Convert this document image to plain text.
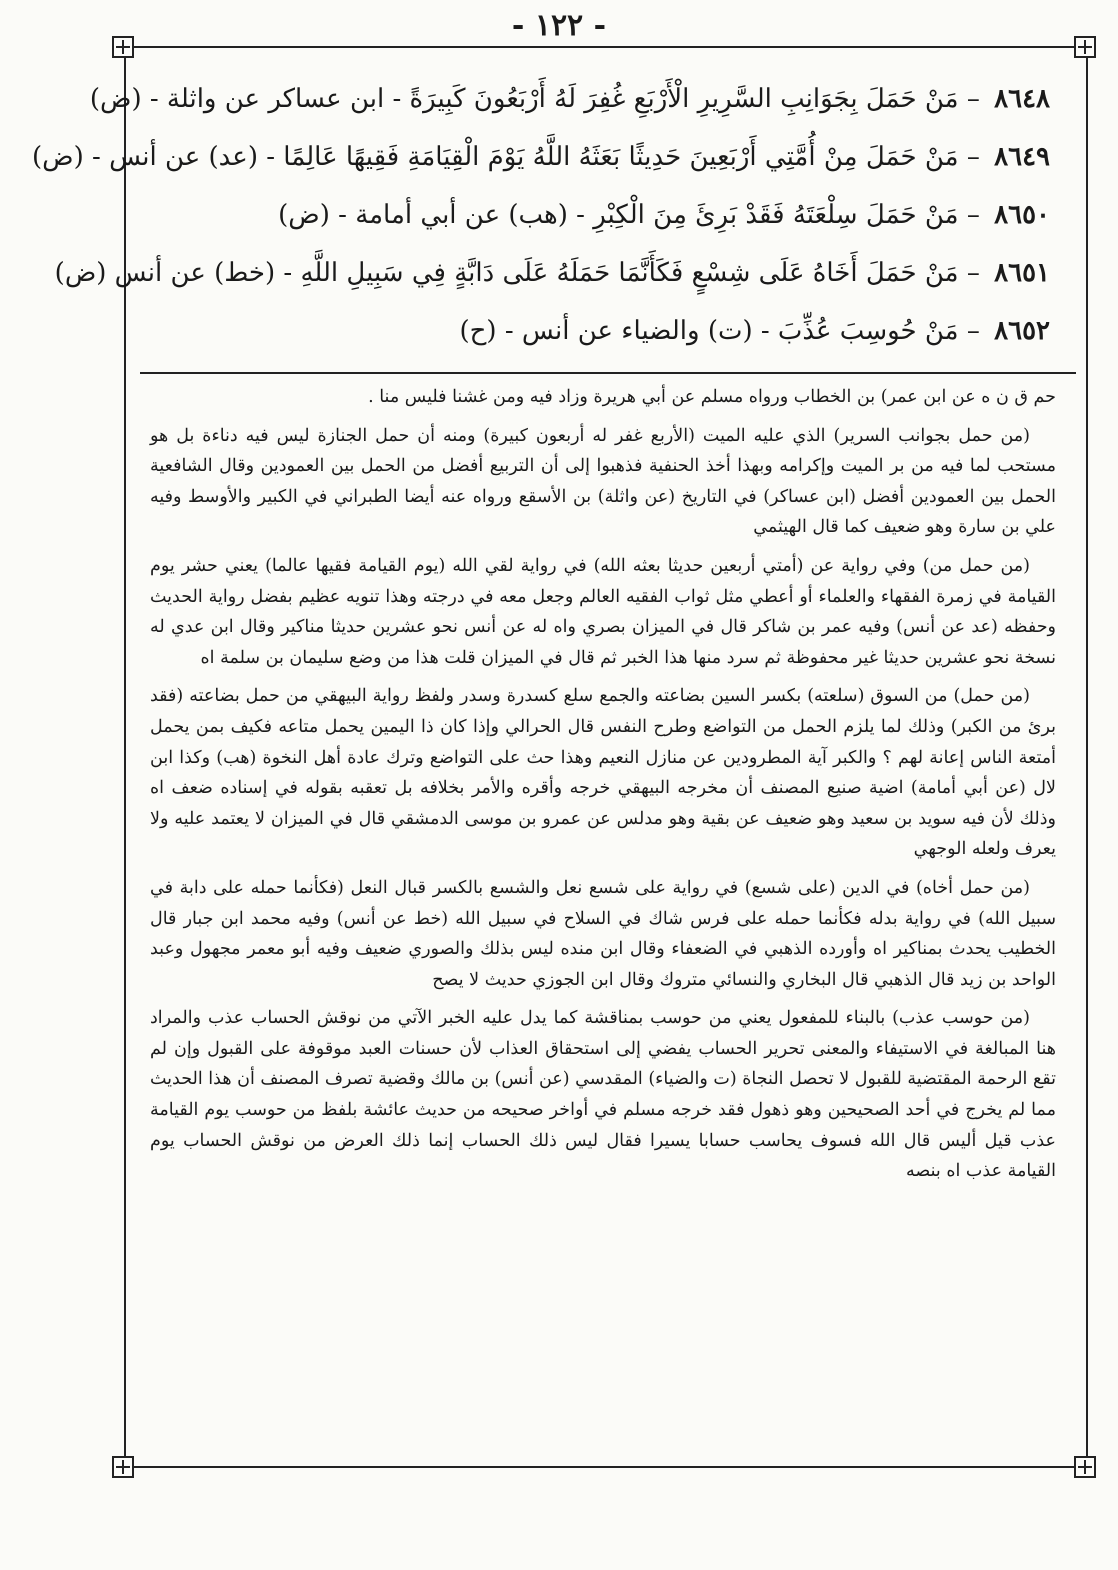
- ١٢٢ -
٨٦٤٨ – مَنْ حَمَلَ بِجَوَانِبِ السَّرِيرِ الْأَرْبَعِ غُفِرَ لَهُ أَرْبَعُونَ كَبِيرَةً - ابن عساكر عن واثلة - (ض)
٨٦٤٩ – مَنْ حَمَلَ مِنْ أُمَّتِي أَرْبَعِينَ حَدِيثًا بَعَثَهُ اللَّهُ يَوْمَ الْقِيَامَةِ فَقِيهًا عَالِمًا - (عد) عن أنس - (ض)
٨٦٥٠ – مَنْ حَمَلَ سِلْعَتَهُ فَقَدْ بَرِئَ مِنَ الْكِبْرِ - (هب) عن أبي أمامة - (ض)
٨٦٥١ – مَنْ حَمَلَ أَخَاهُ عَلَى شِسْعٍ فَكَأَنَّمَا حَمَلَهُ عَلَى دَابَّةٍ فِي سَبِيلِ اللَّهِ - (خط) عن أنس (ض)
٨٦٥٢ – مَنْ حُوسِبَ عُذِّبَ - (ت) والضياء عن أنس - (ح)

حم ق ن ه عن ابن عمر) بن الخطاب ورواه مسلم عن أبي هريرة وزاد فيه ومن غشنا فليس منا .

(من حمل بجوانب السرير) الذي عليه الميت (الأربع غفر له أربعون كبيرة) ومنه أن حمل الجنازة ليس فيه دناءة بل هو مستحب لما فيه من بر الميت وإكرامه وبهذا أخذ الحنفية فذهبوا إلى أن التربيع أفضل من الحمل بين العمودين وقال الشافعية الحمل بين العمودين أفضل (ابن عساكر) في التاريخ (عن واثلة) بن الأسقع ورواه عنه أيضا الطبراني في الكبير والأوسط وفيه علي بن سارة وهو ضعيف كما قال الهيثمي

(من حمل من) وفي رواية عن (أمتي أربعين حديثا بعثه الله) في رواية لقي الله (يوم القيامة فقيها عالما) يعني حشر يوم القيامة في زمرة الفقهاء والعلماء أو أعطي مثل ثواب الفقيه العالم وجعل معه في درجته وهذا تنويه عظيم بفضل رواية الحديث وحفظه (عد عن أنس) وفيه عمر بن شاكر قال في الميزان بصري واه له عن أنس نحو عشرين حديثا مناكير وقال ابن عدي له نسخة نحو عشرين حديثا غير محفوظة ثم سرد منها هذا الخبر ثم قال في الميزان قلت هذا من وضع سليمان بن سلمة اه

(من حمل) من السوق (سلعته) بكسر السين بضاعته والجمع سلع كسدرة وسدر ولفظ رواية البيهقي من حمل بضاعته (فقد برئ من الكبر) وذلك لما يلزم الحمل من التواضع وطرح النفس قال الحرالي وإذا كان ذا اليمين يحمل متاعه فكيف بمن يحمل أمتعة الناس إعانة لهم ؟ والكبر آية المطرودين عن منازل النعيم وهذا حث على التواضع وترك عادة أهل النخوة (هب) وكذا ابن لال (عن أبي أمامة) اضية صنيع المصنف أن مخرجه البيهقي خرجه وأقره والأمر بخلافه بل تعقبه بقوله في إسناده ضعف اه وذلك لأن فيه سويد بن سعيد وهو ضعيف عن بقية وهو مدلس عن عمرو بن موسى الدمشقي قال في الميزان لا يعتمد عليه ولا يعرف ولعله الوجهي

(من حمل أخاه) في الدين (على شسع) في رواية على شسع نعل والشسع بالكسر قبال النعل (فكأنما حمله على دابة في سبيل الله) في رواية بدله فكأنما حمله على فرس شاك في السلاح في سبيل الله (خط عن أنس) وفيه محمد ابن جبار قال الخطيب يحدث بمناكير اه وأورده الذهبي في الضعفاء وقال ابن منده ليس بذلك والصوري ضعيف وفيه أبو معمر مجهول وعبد الواحد بن زيد قال الذهبي قال البخاري والنسائي متروك وقال ابن الجوزي حديث لا يصح

(من حوسب عذب) بالبناء للمفعول يعني من حوسب بمناقشة كما يدل عليه الخبر الآتي من نوقش الحساب عذب والمراد هنا المبالغة في الاستيفاء والمعنى تحرير الحساب يفضي إلى استحقاق العذاب لأن حسنات العبد موقوفة على القبول وإن لم تقع الرحمة المقتضية للقبول لا تحصل النجاة (ت والضياء) المقدسي (عن أنس) بن مالك وقضية تصرف المصنف أن هذا الحديث مما لم يخرج في أحد الصحيحين وهو ذهول فقد خرجه مسلم في أواخر صحيحه من حديث عائشة بلفظ من حوسب يوم القيامة عذب قيل أليس قال الله فسوف يحاسب حسابا يسيرا فقال ليس ذلك الحساب إنما ذلك العرض من نوقش الحساب يوم القيامة عذب اه بنصه
